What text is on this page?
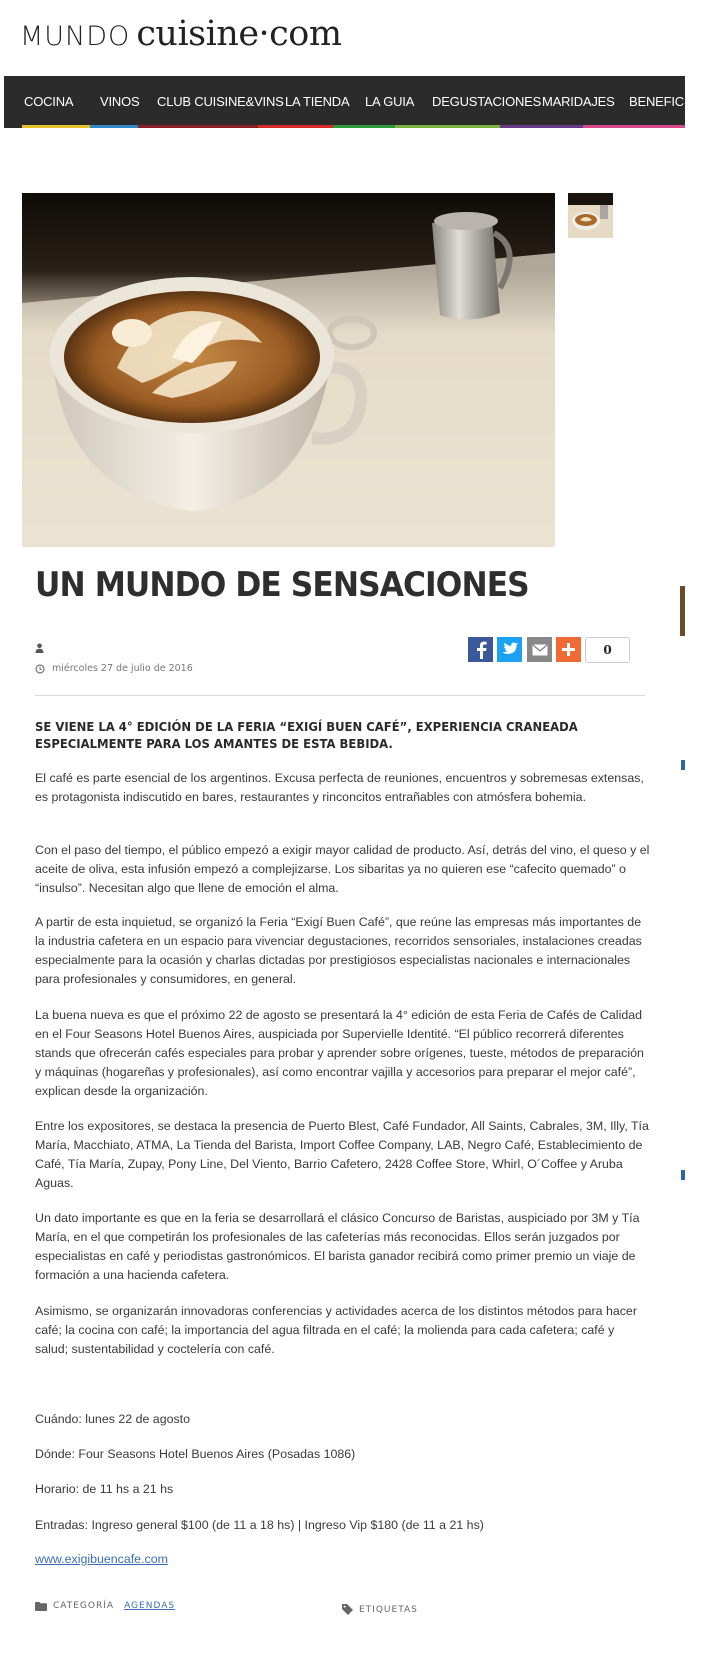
MUNDO cuisine·com
COCINA VINOS CLUB CUISINE&VINS LA TIENDA LA GUIA DEGUSTACIONES MARIDAJES BENEFICIOS
UN MUNDO DE SENSACIONES
miércoles 27 de julio de 2016
0

SE VIENE LA 4° EDICIÓN DE LA FERIA “EXIGÍ BUEN CAFÉ”, EXPERIENCIA CRANEADA ESPECIALMENTE PARA LOS AMANTES DE ESTA BEBIDA.

El café es parte esencial de los argentinos. Excusa perfecta de reuniones, encuentros y sobremesas extensas, es protagonista indiscutido en bares, restaurantes y rinconcitos entrañables con atmósfera bohemia.

Con el paso del tiempo, el público empezó a exigir mayor calidad de producto. Así, detrás del vino, el queso y el aceite de oliva, esta infusión empezó a complejizarse. Los sibaritas ya no quieren ese “cafecito quemado” o “insulso”. Necesitan algo que llene de emoción el alma.

A partir de esta inquietud, se organizó la Feria “Exigí Buen Café”, que reúne las empresas más importantes de la industria cafetera en un espacio para vivenciar degustaciones, recorridos sensoriales, instalaciones creadas especialmente para la ocasión y charlas dictadas por prestigiosos especialistas nacionales e internacionales para profesionales y consumidores, en general.

La buena nueva es que el próximo 22 de agosto se presentará la 4° edición de esta Feria de Cafés de Calidad en el Four Seasons Hotel Buenos Aires, auspiciada por Supervielle Identité. “El público recorrerá diferentes stands que ofrecerán cafés especiales para probar y aprender sobre orígenes, tueste, métodos de preparación y máquinas (hogareñas y profesionales), así como encontrar vajilla y accesorios para preparar el mejor café”, explican desde la organización.

Entre los expositores, se destaca la presencia de Puerto Blest, Café Fundador, All Saints, Cabrales, 3M, Illy, Tía María, Macchiato, ATMA, La Tienda del Barista, Import Coffee Company, LAB, Negro Café, Establecimiento de Café, Tía María, Zupay, Pony Line, Del Viento, Barrio Cafetero, 2428 Coffee Store, Whirl, O´Coffee y Aruba Aguas.

Un dato importante es que en la feria se desarrollará el clásico Concurso de Baristas, auspiciado por 3M y Tía María, en el que competirán los profesionales de las cafeterías más reconocidas. Ellos serán juzgados por especialistas en café y periodistas gastronómicos. El barista ganador recibirá como primer premio un viaje de formación a una hacienda cafetera.

Asimismo, se organizarán innovadoras conferencias y actividades acerca de los distintos métodos para hacer café; la cocina con café; la importancia del agua filtrada en el café; la molienda para cada cafetera; café y salud; sustentabilidad y coctelería con café.

Cuándo: lunes 22 de agosto

Dónde: Four Seasons Hotel Buenos Aires (Posadas 1086)

Horario: de 11 hs a 21 hs

Entradas: Ingreso general $100 (de 11 a 18 hs) | Ingreso Vip $180 (de 11 a 21 hs)

www.exigibuencafe.com
CATEGORÍA AGENDAS	ETIQUETAS
